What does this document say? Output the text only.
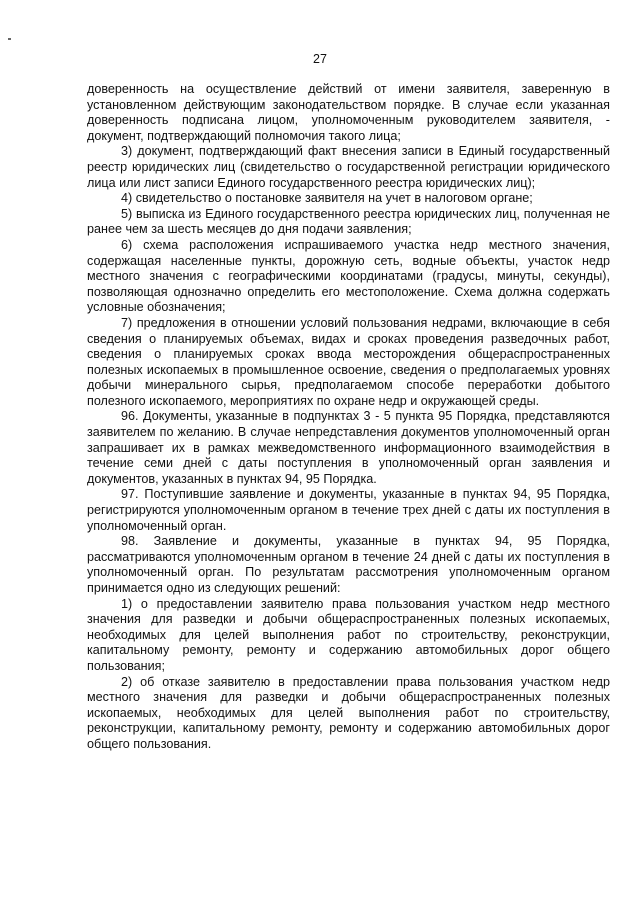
27

доверенность на осуществление действий от имени заявителя, заверенную в установленном действующим законодательством порядке. В случае если указанная доверенность подписана лицом, уполномоченным руководителем заявителя, - документ, подтверждающий полномочия такого лица;

3) документ, подтверждающий факт внесения записи в Единый государственный реестр юридических лиц (свидетельство о государственной регистрации юридического лица или лист записи Единого государственного реестра юридических лиц);

4) свидетельство о постановке заявителя на учет в налоговом органе;

5) выписка из Единого государственного реестра юридических лиц, полученная не ранее чем за шесть месяцев до дня подачи заявления;

6) схема расположения испрашиваемого участка недр местного значения, содержащая населенные пункты, дорожную сеть, водные объекты, участок недр местного значения с географическими координатами (градусы, минуты, секунды), позволяющая однозначно определить его местоположение. Схема должна содержать условные обозначения;

7) предложения в отношении условий пользования недрами, включающие в себя сведения о планируемых объемах, видах и сроках проведения разведочных работ, сведения о планируемых сроках ввода месторождения общераспространенных полезных ископаемых в промышленное освоение, сведения о предполагаемых уровнях добычи минерального сырья, предполагаемом способе переработки добытого полезного ископаемого, мероприятиях по охране недр и окружающей среды.

96. Документы, указанные в подпунктах 3 - 5 пункта 95 Порядка, представляются заявителем по желанию. В случае непредставления документов уполномоченный орган запрашивает их в рамках межведомственного информационного взаимодействия в течение семи дней с даты поступления в уполномоченный орган заявления и документов, указанных в пунктах 94, 95 Порядка.

97. Поступившие заявление и документы, указанные в пунктах 94, 95 Порядка, регистрируются уполномоченным органом в течение трех дней с даты их поступления в уполномоченный орган.

98. Заявление и документы, указанные в пунктах 94, 95 Порядка, рассматриваются уполномоченным органом в течение 24 дней с даты их поступления в уполномоченный орган. По результатам рассмотрения уполномоченным органом принимается одно из следующих решений:

1) о предоставлении заявителю права пользования участком недр местного значения для разведки и добычи общераспространенных полезных ископаемых, необходимых для целей выполнения работ по строительству, реконструкции, капитальному ремонту, ремонту и содержанию автомобильных дорог общего пользования;

2) об отказе заявителю в предоставлении права пользования участком недр местного значения для разведки и добычи общераспространенных полезных ископаемых, необходимых для целей выполнения работ по строительству, реконструкции, капитальному ремонту, ремонту и содержанию автомобильных дорог общего пользования.
